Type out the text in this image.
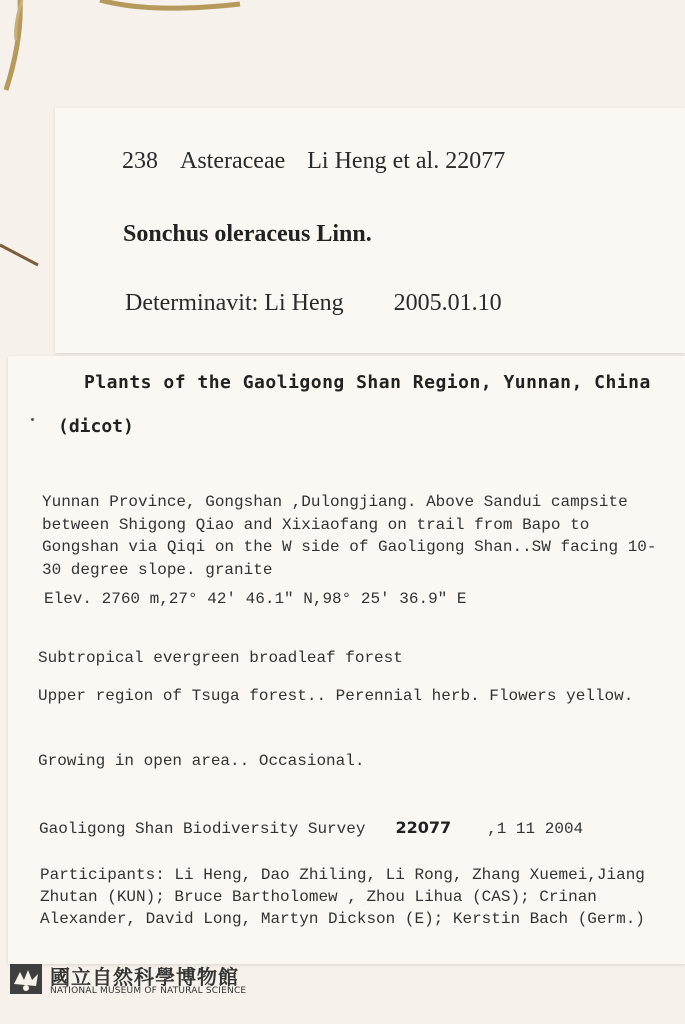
238 Asteraceae Li Heng et al. 22077
Sonchus oleraceus Linn.
Determinavit: Li Heng 2005.01.10
Plants of the Gaoligong Shan Region, Yunnan, China
(dicot)
Yunnan Province, Gongshan ,Dulongjiang. Above Sandui campsite
between Shigong Qiao and Xixiaofang on trail from Bapo to
Gongshan via Qiqi on the W side of Gaoligong Shan..SW facing 10-
30 degree slope. granite
Elev. 2760 m,27° 42′ 46.1″ N,98° 25′ 36.9″ E
Subtropical evergreen broadleaf forest
Upper region of Tsuga forest.. Perennial herb. Flowers yellow.
Growing in open area.. Occasional.
Gaoligong Shan Biodiversity Survey 22077 ,1 11 2004
Participants: Li Heng, Dao Zhiling, Li Rong, Zhang Xuemei,Jiang
Zhutan (KUN); Bruce Bartholomew , Zhou Lihua (CAS); Crinan
Alexander, David Long, Martyn Dickson (E); Kerstin Bach (Germ.)
國立自然科學博物館
NATIONAL MUSEUM OF NATURAL SCIENCE
